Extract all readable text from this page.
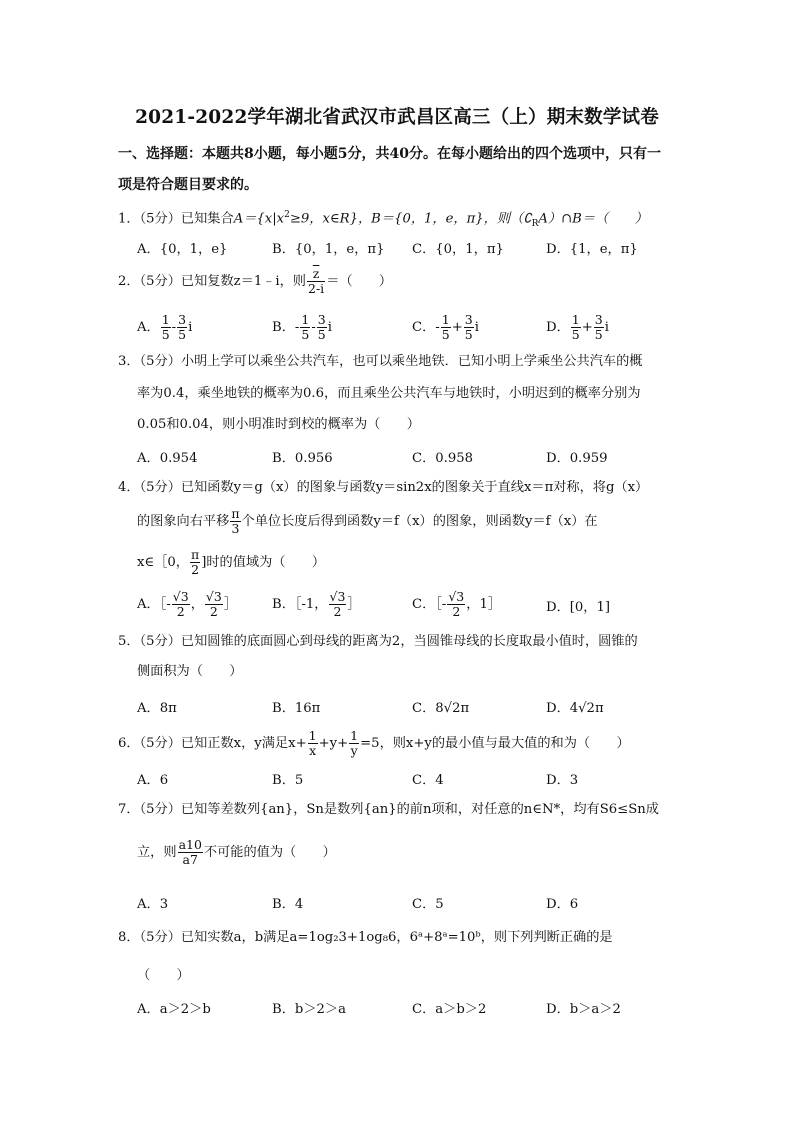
2021-2022学年湖北省武汉市武昌区高三（上）期末数学试卷
一、选择题：本题共8小题，每小题5分，共40分。在每小题给出的四个选项中，只有一
项是符合题目要求的。
1．（5分）已知集合$A=\{x|x^2\ge 9$，x∈R}，B＝{0，1，e，π}，则$(∁_RA)\cap B=$（　　）
A．{0，1，e}	B．{0，1，e，π} C．{0，1，π}	D．{1，e，π}
2．（5分）已知复数z＝1﹣i，则 $\frac{\overline{z}}{2-i}$ ＝（　　）
A． $\frac{1}{5} - \frac{3}{5}$ i	B．- $\frac{1}{5} - \frac{3}{5}$ i	C．- $\frac{1}{5} + \frac{3}{5}$ i	D． $\frac{1}{5} + \frac{3}{5}$ i
3．（5分）小明上学可以乘坐公共汽车，也可以乘坐地铁．已知小明上学乘坐公共汽车的概
率为0.4，乘坐地铁的概率为0.6，而且乘坐公共汽车与地铁时，小明迟到的概率分别为
0.05和0.04，则小明准时到校的概率为（　　）
A．0.954	B．0.956	C．0.958	D．0.959
4．（5分）已知函数y＝g（x）的图象与函数y＝sin2x的图象关于直线x＝π对称，将g（x）
的图象向右平移 $\frac{\pi}{3}$ 个单位长度后得到函数y＝f（x）的图象，则函数y＝f（x）在
x∈［0， $\frac{\pi}{2}$ ]时的值域为（　　）
A．［- $\frac{√3}{2}$ ， $\frac{√3}{2}$ ］	B．［-1， $\frac{√3}{2}$ ］	C．［- $\frac{√3}{2}$ ，1］	D．[0，1]
5．（5分）已知圆锥的底面圆心到母线的距离为2，当圆锥母线的长度取最小值时，圆锥的
侧面积为（　　）
A．8π	B．16π	C．8√2π	D．4√2π
6．（5分）已知正数x，y满足$x+ \frac{1}{x} +y+ \frac{1}{y} =5$，则x+y的最小值与最大值的和为（　　）
A．6	B．5	C．4	D．3
7．（5分）已知等差数列{an}，Sn是数列{an}的前n项和，对任意的n∈N*，均有S6≤Sn成
立，则 $\frac{a10}{a7}$ 不可能的值为（　　）
A．3	B．4	C．5	D．6
8．（5分）已知实数a，b满足a=1og₂3+1og₈6，6ᵃ+8ᵃ=10ᵇ，则下列判断正确的是
（　　）
A．a＞2＞b	B．b＞2＞a	C．a＞b＞2	D．b＞a＞2
